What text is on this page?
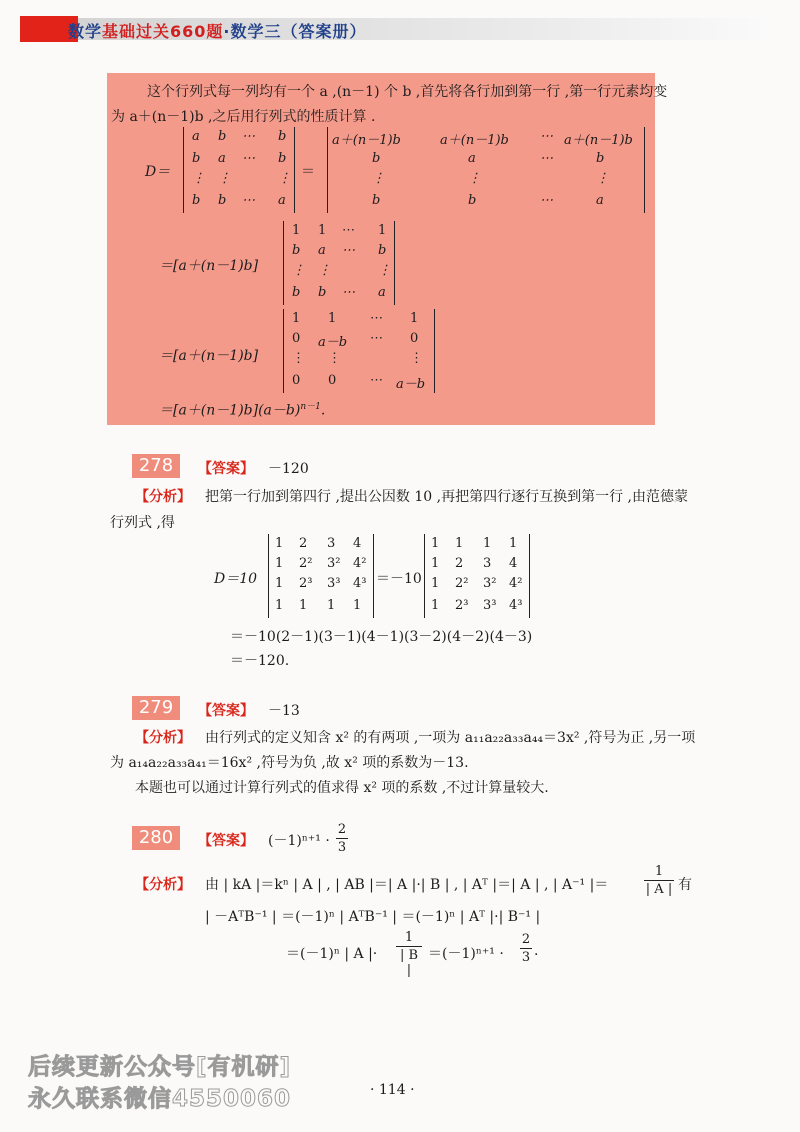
数学基础过关660题·数学三（答案册）
这个行列式每一列均有一个 a ,(n－1) 个 b ,首先将各行加到第一行 ,第一行元素均变
为 a＋(n－1)b ,之后用行列式的性质计算 .
D＝
a b ⋯ b
b a ⋯ b
⋮ ⋮	⋮
b b ⋯ a
＝
a＋(n－1)b	a＋(n－1)b ⋯ a＋(n－1)b
b	a	⋯	b
⋮	⋮	⋮
b	b	⋯	a
＝[a＋(n－1)b]
1 1 ⋯ 1
b a ⋯ b
⋮ ⋮	⋮
b b ⋯ a
＝[a＋(n－1)b]
1 1	⋯ 1
0 a－b ⋯ 0
⋮ ⋮	⋮
0 0	⋯ a－b
$=[a+(n-1)b](a-b)^{n-1}$.
278	【答案】 －120
【分析】 把第一行加到第四行 ,提出公因数 10 ,再把第四行逐行互换到第一行 ,由范德蒙
行列式 ,得
D＝10
1 2 3 4
1 2² 3² 4²
1 2³ 3³ 4³
1 1 1 1
＝－10
1 1 1 1
1 2 3 4
1 2² 3² 4²
1 2³ 3³ 4³
＝－10(2－1)(3－1)(4－1)(3－2)(4－2)(4－3)
＝－120.
279	【答案】 －13
【分析】 由行列式的定义知含 x² 的有两项 ,一项为 a₁₁a₂₂a₃₃a₄₄＝3x² ,符号为正 ,另一项
为 a₁₄a₂₂a₃₃a₄₁＝16x² ,符号为负 ,故 x² 项的系数为－13.
本题也可以通过计算行列式的值求得 x² 项的系数 ,不过计算量较大.
280	【答案】 (－1)ⁿ⁺¹ ·
2
3
【分析】 由 | kA |＝kⁿ | A | , | AB |＝| A |·| B | , | Aᵀ |＝| A | , | A⁻¹ |＝
1
| A | 有
| －AᵀB⁻¹ | ＝(－1)ⁿ | AᵀB⁻¹ | ＝(－1)ⁿ | Aᵀ |·| B⁻¹ |
＝(－1)ⁿ | A |·
1
| B |
＝(－1)ⁿ⁺¹ ·
2
3 .
后续更新公众号[有机研]
永久联系微信4550060	· 114 ·
